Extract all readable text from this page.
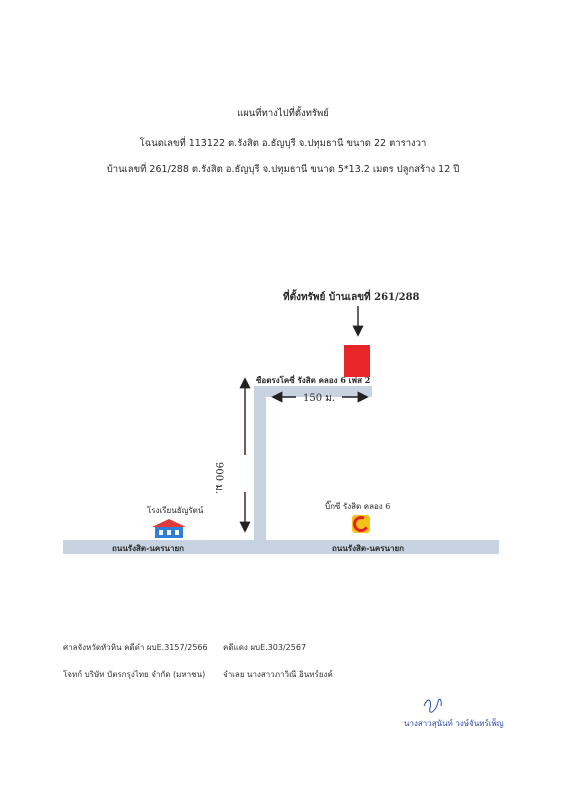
แผนที่ทางไปที่ตั้งทรัพย์
โฉนดเลขที่ 113122 ต.รังสิต อ.ธัญบุรี จ.ปทุมธานี ขนาด 22 ตารางวา
บ้านเลขที่ 261/288 ต.รังสิต อ.ธัญบุรี จ.ปทุมธานี ขนาด 5*13.2 เมตร ปลูกสร้าง 12 ปี
ที่ตั้งทรัพย์ บ้านเลขที่ 261/288
ซือตรงโคซี่ รังสิต คลอง 6 เฟส 2
150 ม.
900 ม.
โรงเรียนธัญรัตน์	บิ๊กซี รังสิต คลอง 6
ถนนรังสิต-นครนายก	ถนนรังสิต-นครนายก
ศาลจังหวัดหัวหิน คดีดำ ผบE.3157/2566 คดีแดง ผบE.303/2567
โจทก์ บริษัท บัตรกรุงไทย จำกัด (มหาชน) จำเลย นางสาวภาวิณี อินทร์ยงค์
นางสาวสุนันท์ วงษ์จันทร์เพ็ญ
